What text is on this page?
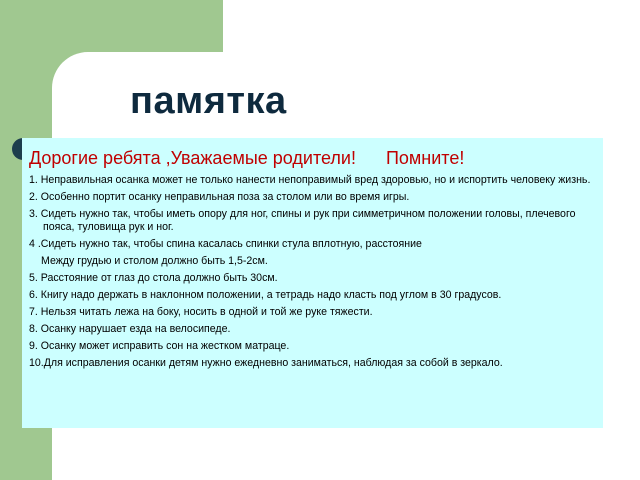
памятка
Дорогие ребята ,Уважаемые родители! Помните!
1. Неправильная осанка может не только нанести непоправимый вред здоровью, но и испортить человеку жизнь.
2. Особенно портит осанку неправильная поза за столом или во время игры.
3. Сидеть нужно так, чтобы иметь опору для ног, спины и рук при симметричном положении головы, плечевого пояса, туловища рук и ног.
4 .Сидеть нужно так, чтобы спина касалась спинки стула вплотную, расстояние
Между грудью и столом должно быть 1,5-2см.
5. Расстояние от глаз до стола должно быть 30см.
6. Книгу надо держать в наклонном положении, а тетрадь надо класть под углом в 30 градусов.
7. Нельзя читать лежа на боку, носить в одной и той же руке тяжести.
8. Осанку нарушает езда на велосипеде.
9. Осанку может исправить сон на жестком матраце.
10.Для исправления осанки детям нужно ежедневно заниматься, наблюдая за собой в зеркало.
